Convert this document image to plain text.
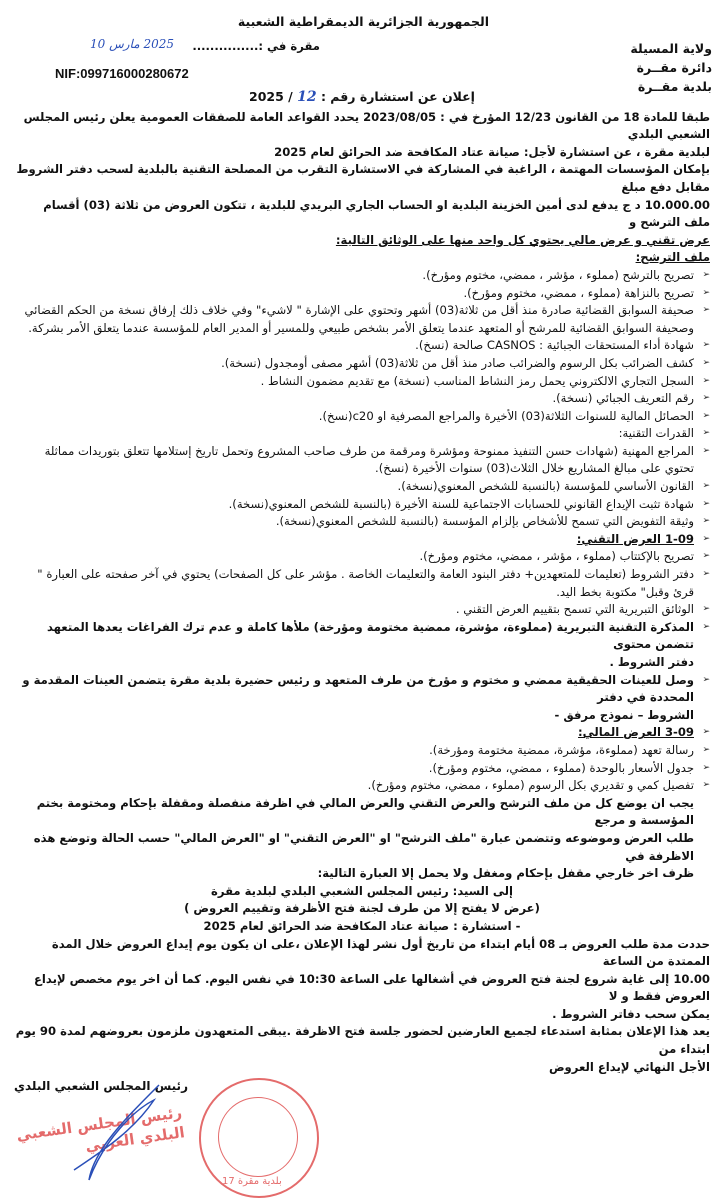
الجمهورية الجزائرية الديمقراطية الشعبية
مقرة في :...............
2025 مارس 10	ولاية المسيلة
دائرة مقــرة
بلدية مقــرة
NIF:099716000280672
إعلان عن استشارة رقم : 12 / 2025
طبقا للمادة 18 من القانون 12/23 المؤرخ في : 2023/08/05 يحدد القواعد العامة للصفقات العمومية يعلن رئيس المجلس الشعبي البلدي
لبلدية مقرة ، عن استشارة لأجل: صيانة عتاد المكافحة ضد الحرائق لعام 2025
بإمكان المؤسسات المهتمة ، الراغبة في المشاركة في الاستشارة التقرب من المصلحة التقنية بالبلدية لسحب دفتر الشروط مقابل دفع مبلغ
10.000.00 د ج يدفع لدى أمين الخزينة البلدية او الحساب الجاري البريدي للبلدية ، تتكون العروض من ثلاثة (03) أقسام ملف الترشح و
عرض تقني و عرض مالي يحتوي كل واحد منها على الوثائق التالية:
ملف الترشح:
➢
تصريح بالترشح (مملوء ، مؤشر ، ممضي، مختوم ومؤرخ).
➢
تصريح بالنزاهة (مملوء ، ممضي، مختوم ومؤرخ).
➢
صحيفة السوابق القضائية صادرة منذ أقل من ثلاثة(03) أشهر وتحتوي على الإشارة " لاشيء" وفي خلاف ذلك إرفاق نسخة من الحكم القضائي
وصحيفة السوابق القضائية للمرشح أو المتعهد عندما يتعلق الأمر بشخص طبيعي وللمسير أو المدير العام للمؤسسة عندما يتعلق الأمر بشركة.
➢
شهادة أداء المستحقات الجبائية : CASNOS صالحة (نسخ).
➢
كشف الضرائب بكل الرسوم والضرائب صادر منذ أقل من ثلاثة(03) أشهر مصفى أومجدول (نسخة).
➢
السجل التجاري الالكتروني يحمل رمز النشاط المناسب (نسخة) مع تقديم مضمون النشاط .
➢
رقم التعريف الجبائي (نسخة).
➢
الحصائل المالية للسنوات الثلاثة(03) الأخيرة والمراجع المصرفية او c20(نسخ).
➢
القدرات التقنية:
➢
المراجع المهنية (شهادات حسن التنفيذ ممنوحة ومؤشرة ومرقمة من طرف صاحب المشروع وتحمل تاريخ إستلامها تتعلق بتوريدات مماثلة
تحتوي على مبالغ المشاريع خلال الثلاث(03) سنوات الأخيرة (نسخ).
➢
القانون الأساسي للمؤسسة (بالنسبة للشخص المعنوي(نسخة).
➢
شهادة تثبت الإيداع القانوني للحسابات الاجتماعية للسنة الأخيرة (بالنسبة للشخص المعنوي(نسخة).
➢
وثيقة التفويض التي تسمح للأشخاص بإلزام المؤسسة (بالنسبة للشخص المعنوي(نسخة).
➢
1-09 العرض التقني:
➢
تصريح بالإكتتاب (مملوء ، مؤشر ، ممضي، مختوم ومؤرخ).
➢
دفتر الشروط (تعليمات للمتعهدين+ دفتر البنود العامة والتعليمات الخاصة . مؤشر على كل الصفحات) يحتوي في آخر صفحته على العبارة "
قرئ وقبل" مكتوبة بخط اليد.
➢
الوثائق التبريرية التي تسمح بتقييم العرض التقني .
➢
المذكرة التقنية التبريرية (مملوءة، مؤشرة، ممضية مختومة ومؤرخة) ملأها كاملة و عدم ترك الفراغات يعدها المتعهد تتضمن محتوى
دفتر الشروط .
➢
وصل للعينات الحقيقية ممضي و مختوم و مؤرخ من طرف المتعهد و رئيس حضيرة بلدية مقرة يتضمن العينات المقدمة و المحددة في دفتر
الشروط – نموذج مرفق -
➢
3-09 العرض المالي:
➢
رسالة تعهد (مملوءة، مؤشرة، ممضية مختومة ومؤرخة).
➢
جدول الأسعار بالوحدة (مملوء ، ممضي، مختوم ومؤرخ).
➢
تفصيل كمي و تقديري بكل الرسوم (مملوء ، ممضي، مختوم ومؤرخ).
يجب ان يوضع كل من ملف الترشح والعرض التقني والعرض المالي في اظرفة منفصلة ومقفلة بإحكام ومختومة بختم المؤسسة و مرجع
طلب العرض وموضوعه وتتضمن عبارة "ملف الترشح" او "العرض التقني" او "العرض المالي" حسب الحالة وتوضع هذه الاظرفة في
ظرف اخر خارجي مقفل بإحكام ومغفل ولا يحمل إلا العبارة التالية:
إلى السيد: رئيس المجلس الشعبي البلدي لبلدية مقرة
(عرض لا يفتح إلا من طرف لجنة فتح الأظرفة وتقييم العروض )
- استشارة : صيانة عتاد المكافحة ضد الحرائق لعام 2025
حددت مدة طلب العروض بـ 08 أيام ابتداء من تاريخ أول نشر لهذا الإعلان ،على ان يكون يوم إيداع العروض خلال المدة الممتدة من الساعة
10.00 إلى غاية شروع لجنة فتح العروض في أشغالها على الساعة 10:30 في نفس اليوم. كما أن اخر يوم مخصص لإيداع العروض فقط و لا
يمكن سحب دفاتر الشروط .
يعد هذا الإعلان بمثابة استدعاء لجميع العارضين لحضور جلسة فتح الاظرفة .يبقى المتعهدون ملزمون بعروضهم لمدة 90 يوم ابتداء من
الأجل النهائي لإيداع العروض
رئيس المجلس الشعبي البلدي
بلدية مقرة 17
رئيس المجلس الشعبي البلدي العربي
